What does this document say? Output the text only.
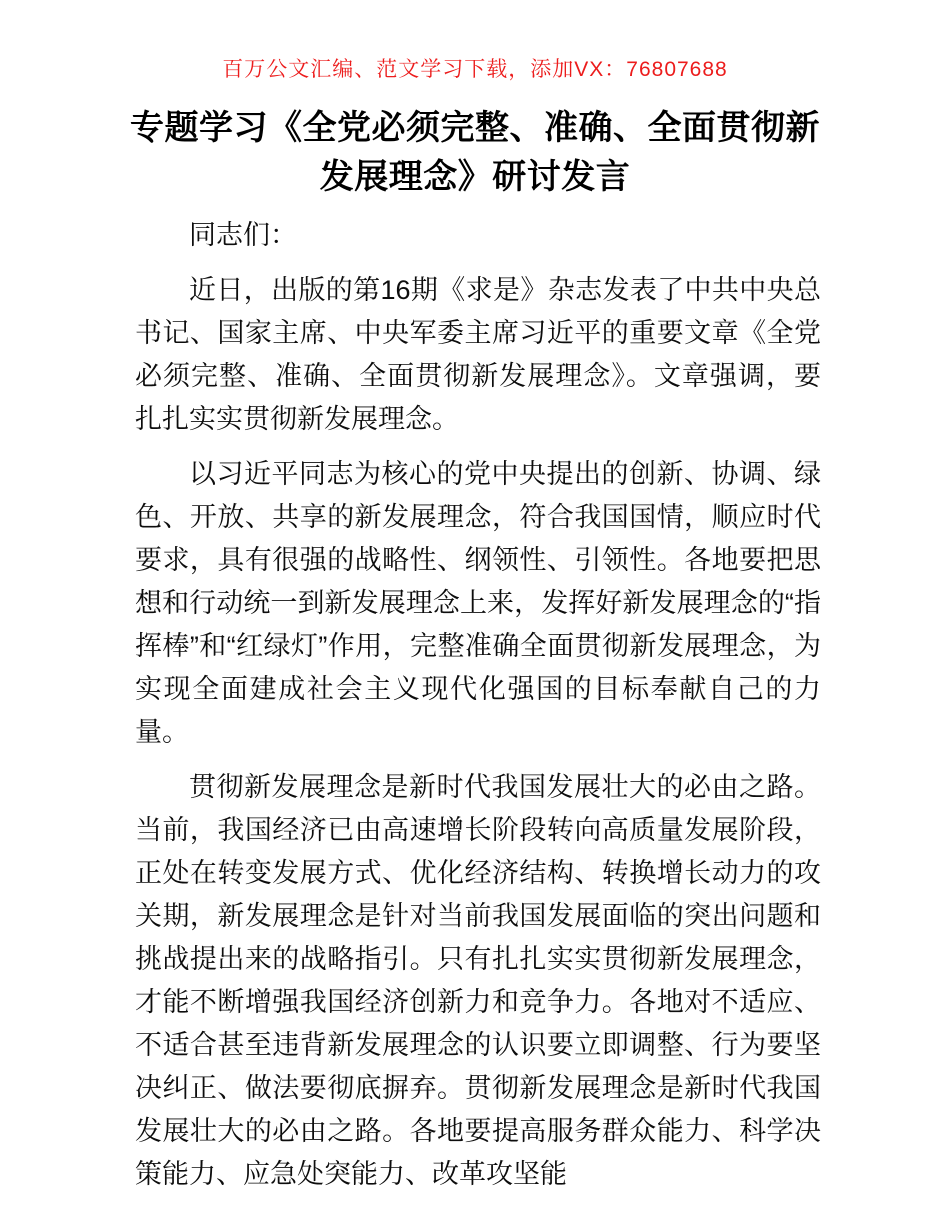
百万公文汇编、范文学习下载，添加VX：76807688
专题学习《全党必须完整、准确、全面贯彻新
发展理念》研讨发言

同志们：

近日，出版的第16期《求是》杂志发表了中共中央总书记、国家主席、中央军委主席习近平的重要文章《全党必须完整、准确、全面贯彻新发展理念》。文章强调，要扎扎实实贯彻新发展理念。

以习近平同志为核心的党中央提出的创新、协调、绿色、开放、共享的新发展理念，符合我国国情，顺应时代要求，具有很强的战略性、纲领性、引领性。各地要把思想和行动统一到新发展理念上来，发挥好新发展理念的“指挥棒”和“红绿灯”作用，完整准确全面贯彻新发展理念，为实现全面建成社会主义现代化强国的目标奉献自己的力量。

贯彻新发展理念是新时代我国发展壮大的必由之路。当前，我国经济已由高速增长阶段转向高质量发展阶段，正处在转变发展方式、优化经济结构、转换增长动力的攻关期，新发展理念是针对当前我国发展面临的突出问题和挑战提出来的战略指引。只有扎扎实实贯彻新发展理念，才能不断增强我国经济创新力和竞争力。各地对不适应、不适合甚至违背新发展理念的认识要立即调整、行为要坚决纠正、做法要彻底摒弃。贯彻新发展理念是新时代我国发展壮大的必由之路。各地要提高服务群众能力、科学决策能力、应急处突能力、改革攻坚能
